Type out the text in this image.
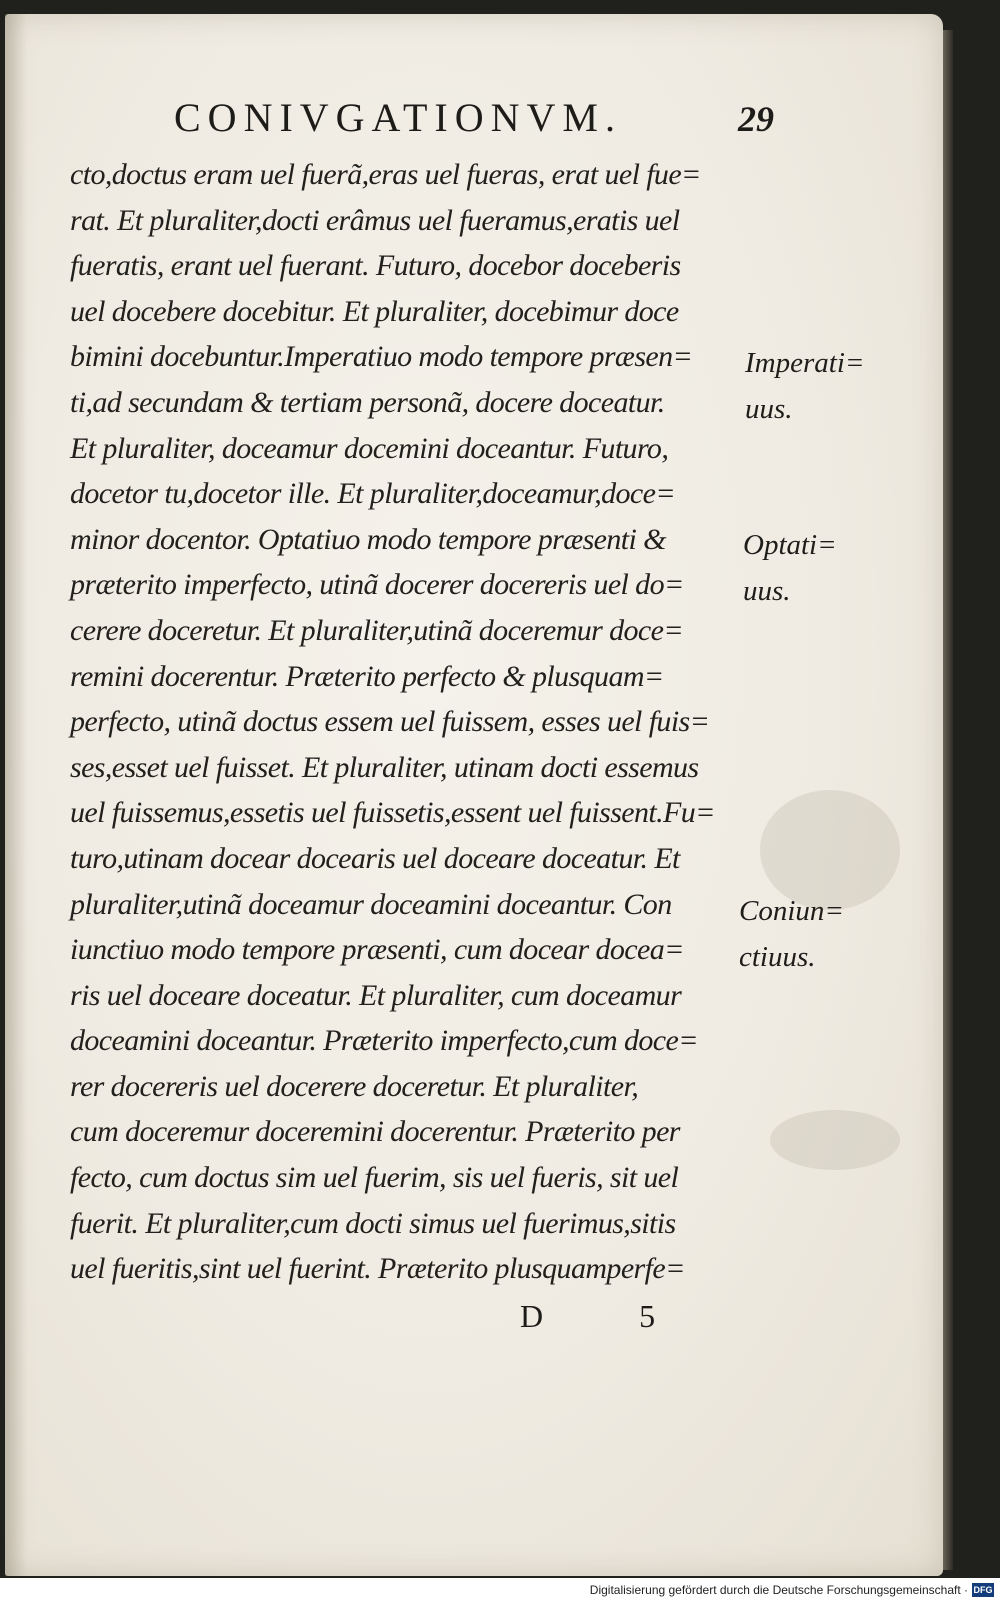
CONIVGATIONVM.	29
cto,doctus eram uel fuerã,eras uel fueras, erat uel fue=
rat. Et pluraliter,docti erâmus uel fueramus,eratis uel
fueratis, erant uel fuerant. Futuro, docebor doceberis
uel docebere docebitur. Et pluraliter, docebimur doce
bimini docebuntur.Imperatiuo modo tempore præsen=
ti,ad secundam & tertiam personã, docere doceatur.
Et pluraliter, doceamur docemini doceantur. Futuro,
docetor tu,docetor ille. Et pluraliter,doceamur,doce=
minor docentor. Optatiuo modo tempore præsenti &
præterito imperfecto, utinã docerer docereris uel do=
cerere doceretur. Et pluraliter,utinã doceremur doce=
remini docerentur. Præterito perfecto & plusquam=
perfecto, utinã doctus essem uel fuissem, esses uel fuis=
ses,esset uel fuisset. Et pluraliter, utinam docti essemus
uel fuissemus,essetis uel fuissetis,essent uel fuissent.Fu=
turo,utinam docear docearis uel doceare doceatur. Et
pluraliter,utinã doceamur doceamini doceantur. Con
iunctiuo modo tempore præsenti, cum docear docea=
ris uel doceare doceatur. Et pluraliter, cum doceamur
doceamini doceantur. Præterito imperfecto,cum doce=
rer docereris uel docerere doceretur. Et pluraliter,
cum doceremur doceremini docerentur. Præterito per
fecto, cum doctus sim uel fuerim, sis uel fueris, sit uel
fuerit. Et pluraliter,cum docti simus uel fuerimus,sitis
uel fueritis,sint uel fuerint. Præterito plusquamperfe=
Imperati=
uus.
Optati=
uus.
Coniun=
ctiuus.
D 5
Digitalisierung gefördert durch die Deutsche Forschungsgemeinschaft · DFG
